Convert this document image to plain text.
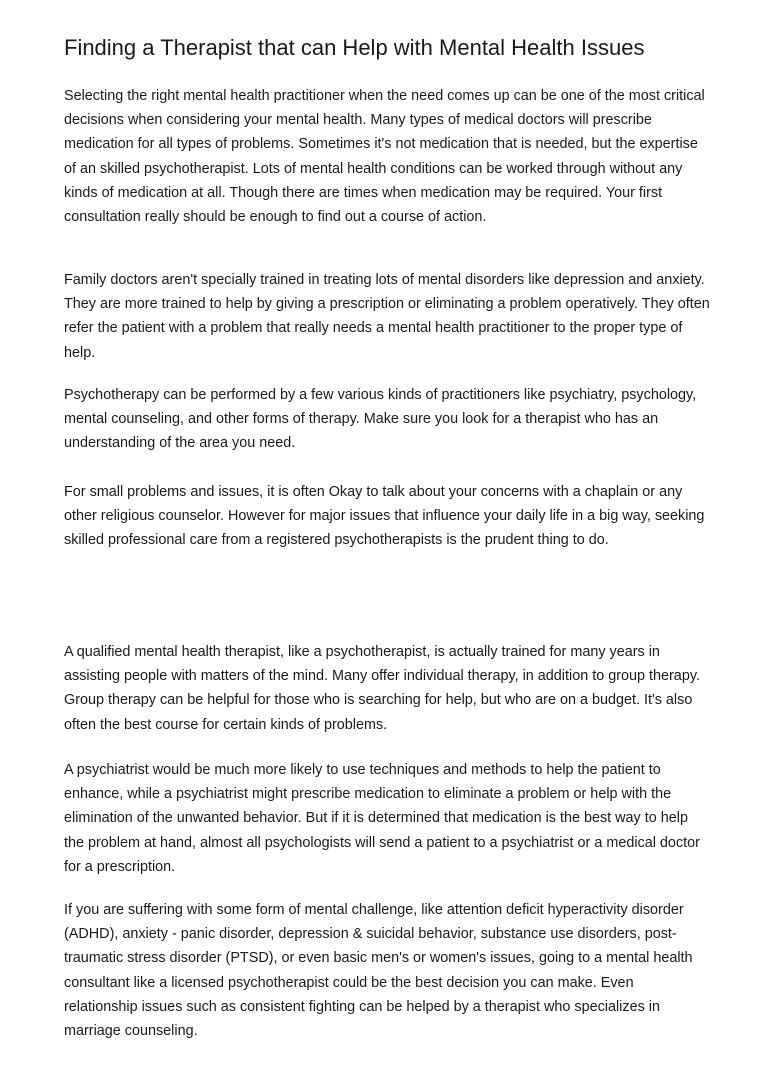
Finding a Therapist that can Help with Mental Health Issues

Selecting the right mental health practitioner when the need comes up can be one of the most critical decisions when considering your mental health. Many types of medical doctors will prescribe medication for all types of problems. Sometimes it's not medication that is needed, but the expertise of an skilled psychotherapist. Lots of mental health conditions can be worked through without any kinds of medication at all. Though there are times when medication may be required. Your first consultation really should be enough to find out a course of action.

Family doctors aren't specially trained in treating lots of mental disorders like depression and anxiety. They are more trained to help by giving a prescription or eliminating a problem operatively. They often refer the patient with a problem that really needs a mental health practitioner to the proper type of help.

Psychotherapy can be performed by a few various kinds of practitioners like psychiatry, psychology, mental counseling, and other forms of therapy. Make sure you look for a therapist who has an understanding of the area you need.

For small problems and issues, it is often Okay to talk about your concerns with a chaplain or any other religious counselor. However for major issues that influence your daily life in a big way, seeking skilled professional care from a registered psychotherapists is the prudent thing to do.

A qualified mental health therapist, like a psychotherapist, is actually trained for many years in assisting people with matters of the mind. Many offer individual therapy, in addition to group therapy. Group therapy can be helpful for those who is searching for help, but who are on a budget. It's also often the best course for certain kinds of problems.

A psychiatrist would be much more likely to use techniques and methods to help the patient to enhance, while a psychiatrist might prescribe medication to eliminate a problem or help with the elimination of the unwanted behavior. But if it is determined that medication is the best way to help the problem at hand, almost all psychologists will send a patient to a psychiatrist or a medical doctor for a prescription.

If you are suffering with some form of mental challenge, like attention deficit hyperactivity disorder (ADHD), anxiety - panic disorder, depression & suicidal behavior, substance use disorders, post-traumatic stress disorder (PTSD), or even basic men's or women's issues, going to a mental health consultant like a licensed psychotherapist could be the best decision you can make. Even relationship issues such as consistent fighting can be helped by a therapist who specializes in marriage counseling.
